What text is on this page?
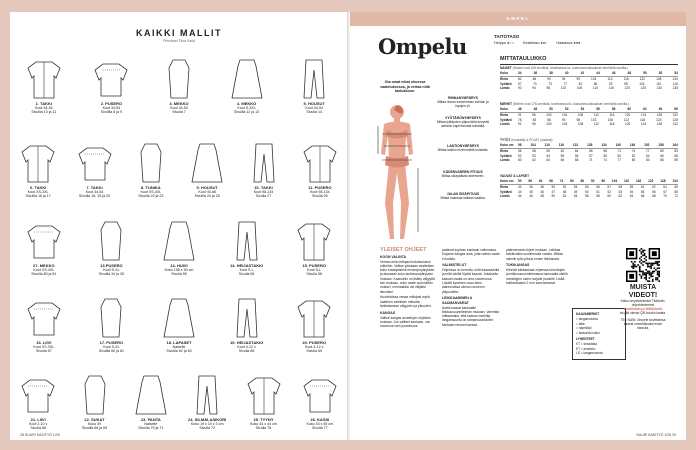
KAIKKI MALLIT
Piirrokset Tiina Kaila
1. TAKKI
Koot 34-54
Sivuilla 10 ja 11
2. PUSERO
Koot 34-54
Sivuilla 8 ja 9
3. MEKKO
Koot 34-54
Sivulla 7
4. MEKKO
Koot S-3XL
Sivuilla 12 ja 13
5. HOUSUT
Koot 34-54
Sivulla 14
6. TAKKI
Koot XS-3XL
Sivuilla 16 ja 17
7. TAKKI
Koot 34-54
Sivuilla 18, 19 ja 20
8. TUNIKA
Koot XS-4XL
Sivuilla 22 ja 23
9. HOUSUT
Koot 40-66
Sivuilla 24 ja 25
10. TAKKI
Koot 98-134
Sivulla 27
11. PUSERO
Koot 98-134
Sivulla 26
27. MEKKO
Koot XS-4XL
Sivuilla 80 ja 81
13.PUSERO
Koot S-XL
Sivuilla 34 ja 35
14. HUIVI
Koko 196 x 50 cm
Sivulla 55
14. HEIJASTAKKI
Koot S-L
Sivulla 56
15. PUSERO
Koot S-L
Sivulla 58
16. LIIVI
Koot XS-3XL
Sivulla 57
17. PUSERO
Koot S-XL
Sivuilla 60 ja 61
18. LAPASET
Naiselle
Sivuilla 62 ja 63
19. HEIJASTAKKI
Koot 4-12 v
Sivulla 66
20. PUSERO
Koot 4-12 v
Sivulla 69
21. LIIVI
Koot 2-10 v
Sivulla 66
22. SUKAT
Koko 39
Sivuilla 68 ja 69
23. PANTA
Naiselle
Sivuilla 70 ja 71
24. SILMÄLASIKORI
Koko 19 x 10 x 3 cm
Sivulla 72
25. TYYNY
Koko 44 x 44 cm
Sivulla 75
26. KASSI
Koko 43 x 45 cm
Sivulla 77
28 SUURI KÄSITYÖ 1/25
OMPEL
Ompelu	TAITOTASO
Helppo ●○○ Keskitaso ●●○ Haastava ●●●
MITTATAULUKKO
NAISET (Naiset ovat 168 senttisiä, tarvittaessa ks. kaavanmuokkaukset viereisiltä sivuilta.)
Koko	34	36	38	40	42	44	46	48	50	52	54
Rinta	82	86	90	94	99	104	110	116	122	128	134
Vyötärö	67	70	73	77	81	86	92	98	104	110	116
Lantio	90	94	98	102	106	110	115	120	125	130	135
MIEHET (Miehet ovat 178-senttisiä, tarvittaessa ks. kaavanmuokkaukset viereisiltä sivuilta.)
Koko	46	48	50	52	54	56	58	60	62	64	66
Rinta	91	96	100	104	108	112	116	120	124	128	132
Vyötärö	78	83	88	93	98	103	108	113	118	123	128
Lantio	91	96	100	104	108	112	116	120	124	128	132
TYTÖT (mustalla) & POJAT (vaaleat)
Koko cm	98	104	110	116	122	128	134	140	146	152	158	164
Rinta	56	58	60	62	64	66	68	71	74	77	80	83
Vyötärö	52	53	54	55	56	57	58	60	62	64	66	68
Lantio	60	62	64	66	68	71	74	77	80	83	86	89
VAUVAT & LAPSET
Koko cm	50 56 62 68 74 80 86 92 98 104 110 116 122 128 134
Rinta	44 46 48 50 52 54 55 56 57 58 59 61 62 64 65
Vyötärö	44 45 46 47 48 49 50 51 52 53 54 55 56 57 58
Lantio	44 46 48 50 52 54 56 58 60 62 64 66 68 70 72
Ota omat mitat ohuessa vaatetuksessa, ja vertaa niitä taulukkoon.
RINNANYMPÄRYS
Mittaa rinnan korkeimman kohdan ja lapojen yli.
VYÖTÄRÖNYMPÄRYS
Mittaa tyllkkuden yläpuolelta kevyesti vartalon kapeimmalta kohdalta.
LANTIONYMPÄRYS
Mittaa lantion leveimmältä kohdalta.
KÄDENVARREN PITUUS
Mittaa olkapäästä ranteeseen.
JALAN SISÄPITUUS
Mittaa haarasta lattiaan saakka.
YLEISET OHJEET
KOON VALINTA

Vertaa omia mittojasi kokotaulukon mittoihin. Valitse yläosaan vaatteiden koko ensisijaisesti rinnanympäryksen, ja alaosaan koko lantionympäryksen mukaan. Kaavoihin on lisätty väljyyttä sen mukaan, onko vaate suunniteltu mukavi, normaaliksi vai väljäksi istuvaksi.

Huolehdissa vertaa mittojasi myös vaatteen valmiisiin mittoihin tarkistamaan väljyyden ja pituuden.

KANGAS

Valitse kangas annettujen ohjeiden mukaan. Jos valitset kankaan, ota huomioon sen joustavuus.

auttavat sopivan kankaan valinnassa. Esipese kangas aina, jotta valmis vaate ei kutistu.

VALMISTELUT

Ohjeessa on kerrottu, mitä kaavaarkilta ja mitä värillä löydät kaavat. Jokaisella kaavan osalla on oma numeronsa. Löydät kyseisen osan arkin alareunassa olevan numeron yläpuolelta.

LEIKKAAMINEN & SAUMANVARAT

Aseta kaavat kankaalle leikkuusuunnitelman mukaan. Varmista mittaamalla, että kaavan merkitty langansuunta on samansuuntainen kankaan reunan kanssa.

päärmevarat ohjeet mukaan. Leikkaa kelkkivaiksi suurimmalla varalla. Mittaa valmiin työn pituus ennen leikkausta.

TUKIKANGAS

Kiinnitä tukikankaat ohjeessa kerrottujen ja leikkuusuunnitelmassa harmaalla värillä merkittyjen osien nurjalle puolelle. Lisää tukikankaisiin 2 mm saumanvarat.

KAAVAMERKIT
= langansuunta
= taite
= napinläpi
= taskuntai lukko
LYHENTEET
KT = keskitaka
ET = keskietu
LS = langansuunta
MUISTA VIDEOT!
Katso ompelutekniset Tikkinäin-ohjevideoemme
suurikasityo.fi/tikkinkit
tai yllä olevan QR-koodin kautta.
TEE NÄIN: Ompele tarvittaessa kaavat ommeltavaksi ensin harsolla.
SUURI KÄSITYÖ 1/25 29
